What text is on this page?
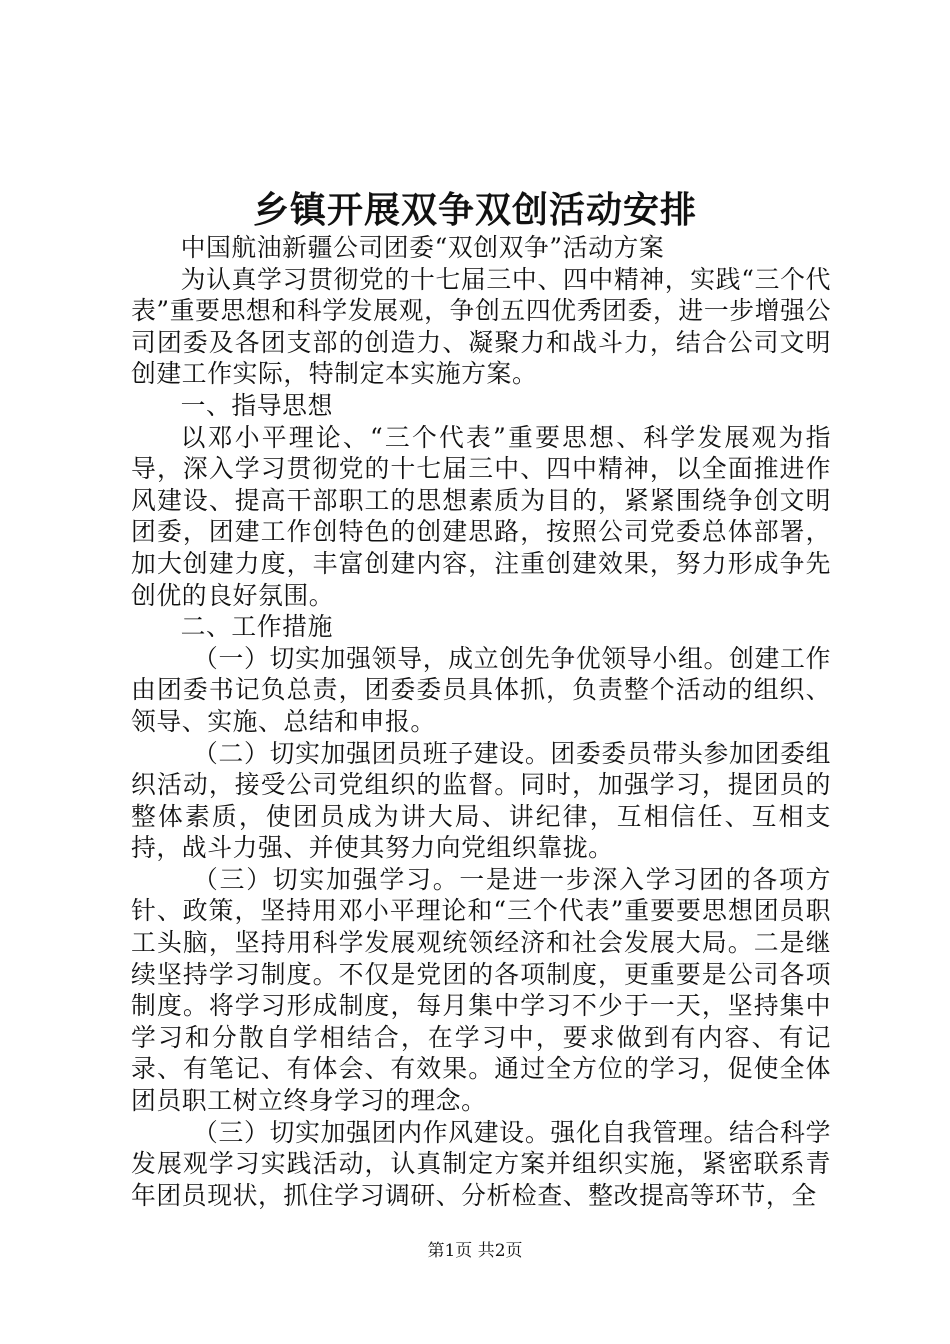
乡镇开展双争双创活动安排

中国航油新疆公司团委“双创双争”活动方案

为认真学习贯彻党的十七届三中、四中精神，实践“三个代表”重要思想和科学发展观，争创五四优秀团委，进一步增强公司团委及各团支部的创造力、凝聚力和战斗力，结合公司文明创建工作实际，特制定本实施方案。

一、指导思想

以邓小平理论、“三个代表”重要思想、科学发展观为指导，深入学习贯彻党的十七届三中、四中精神，以全面推进作风建设、提高干部职工的思想素质为目的，紧紧围绕争创文明团委，团建工作创特色的创建思路，按照公司党委总体部署，加大创建力度，丰富创建内容，注重创建效果，努力形成争先创优的良好氛围。

二、工作措施

（一）切实加强领导，成立创先争优领导小组。创建工作由团委书记负总责，团委委员具体抓，负责整个活动的组织、领导、实施、总结和申报。

（二）切实加强团员班子建设。团委委员带头参加团委组织活动，接受公司党组织的监督。同时，加强学习，提团员的整体素质，使团员成为讲大局、讲纪律，互相信任、互相支持，战斗力强、并使其努力向党组织靠拢。

（三）切实加强学习。一是进一步深入学习团的各项方针、政策，坚持用邓小平理论和“三个代表”重要要思想团员职工头脑，坚持用科学发展观统领经济和社会发展大局。二是继续坚持学习制度。不仅是党团的各项制度，更重要是公司各项制度。将学习形成制度，每月集中学习不少于一天，坚持集中学习和分散自学相结合，在学习中，要求做到有内容、有记录、有笔记、有体会、有效果。通过全方位的学习，促使全体团员职工树立终身学习的理念。

（三）切实加强团内作风建设。强化自我管理。结合科学发展观学习实践活动，认真制定方案并组织实施，紧密联系青年团员现状，抓住学习调研、分析检查、整改提高等环节，全

第1页 共2页
